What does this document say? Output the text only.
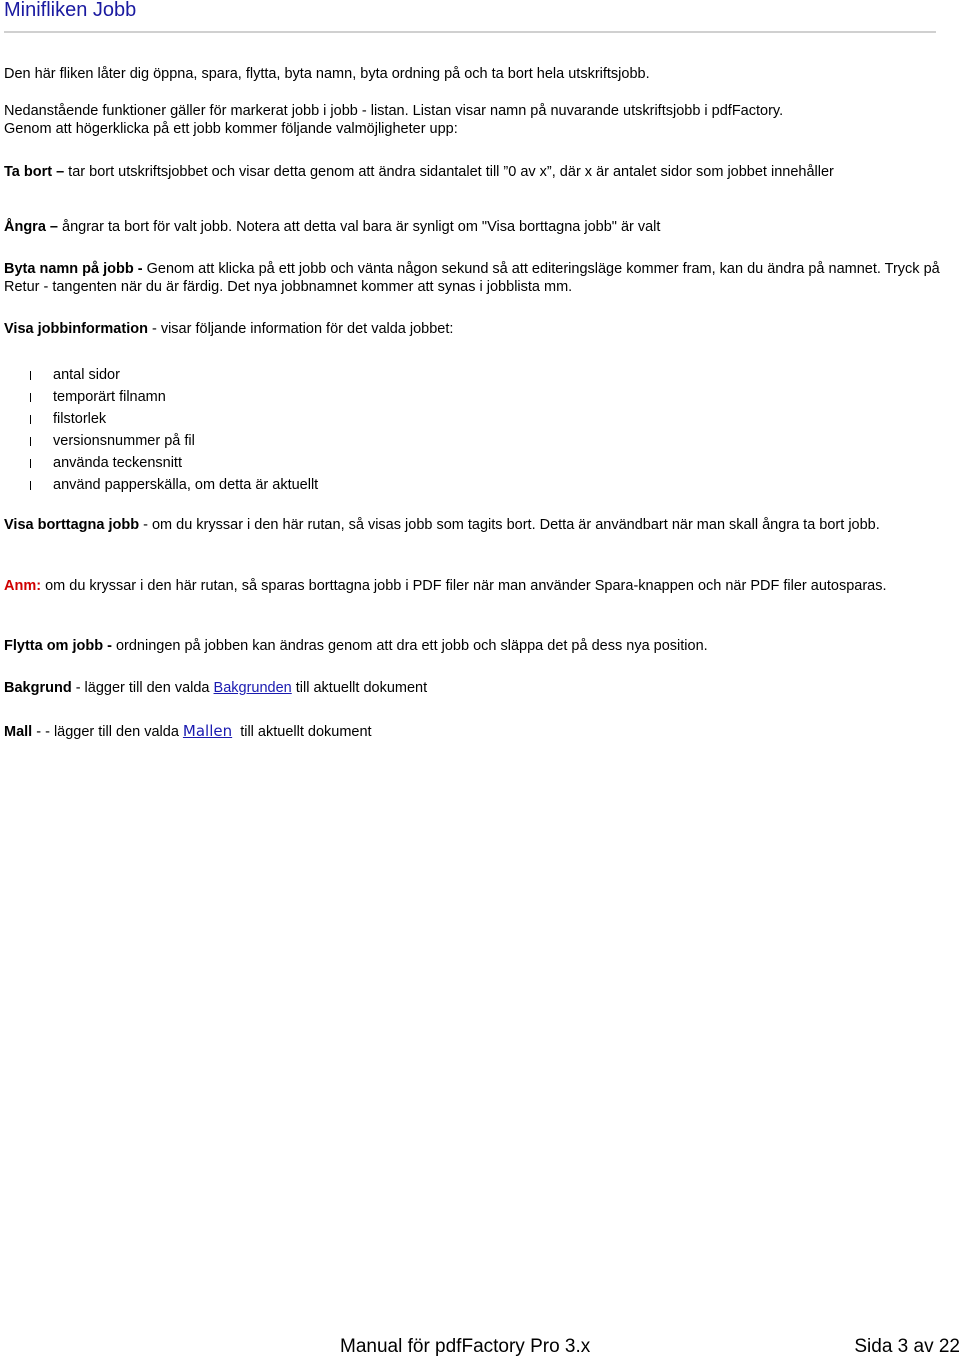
Minifliken Jobb

Den här fliken låter dig öppna, spara, flytta, byta namn, byta ordning på och ta bort hela utskriftsjobb.

Nedanstående funktioner gäller för markerat jobb i jobb - listan. Listan visar namn på nuvarande utskriftsjobb i pdfFactory.
Genom att högerklicka på ett jobb kommer följande valmöjligheter upp:

Ta bort – tar bort utskriftsjobbet och visar detta genom att ändra sidantalet till ”0 av x”, där x är antalet sidor som jobbet innehåller

Ångra – ångrar ta bort för valt jobb. Notera att detta val bara är synligt om "Visa borttagna jobb" är valt

Byta namn på jobb - Genom att klicka på ett jobb och vänta någon sekund så att editeringsläge kommer fram, kan du ändra på namnet. Tryck på Retur - tangenten när du är färdig. Det nya jobbnamnet kommer att synas i jobblista mm.

Visa jobbinformation - visar följande information för det valda jobbet:

antal sidor
temporärt filnamn
filstorlek
versionsnummer på fil
använda teckensnitt
använd papperskälla, om detta är aktuellt

Visa borttagna jobb - om du kryssar i den här rutan, så visas jobb som tagits bort. Detta är användbart när man skall ångra ta bort jobb.

Anm: om du kryssar i den här rutan, så sparas borttagna jobb i PDF filer när man använder Spara-knappen och när PDF filer autosparas.

Flytta om jobb - ordningen på jobben kan ändras genom att dra ett jobb och släppa det på dess nya position.

Bakgrund - lägger till den valda Bakgrunden till aktuellt dokument

Mall - - lägger till den valda Mallen  till aktuellt dokument

Manual för pdfFactory Pro 3.x	Sida 3 av 22
